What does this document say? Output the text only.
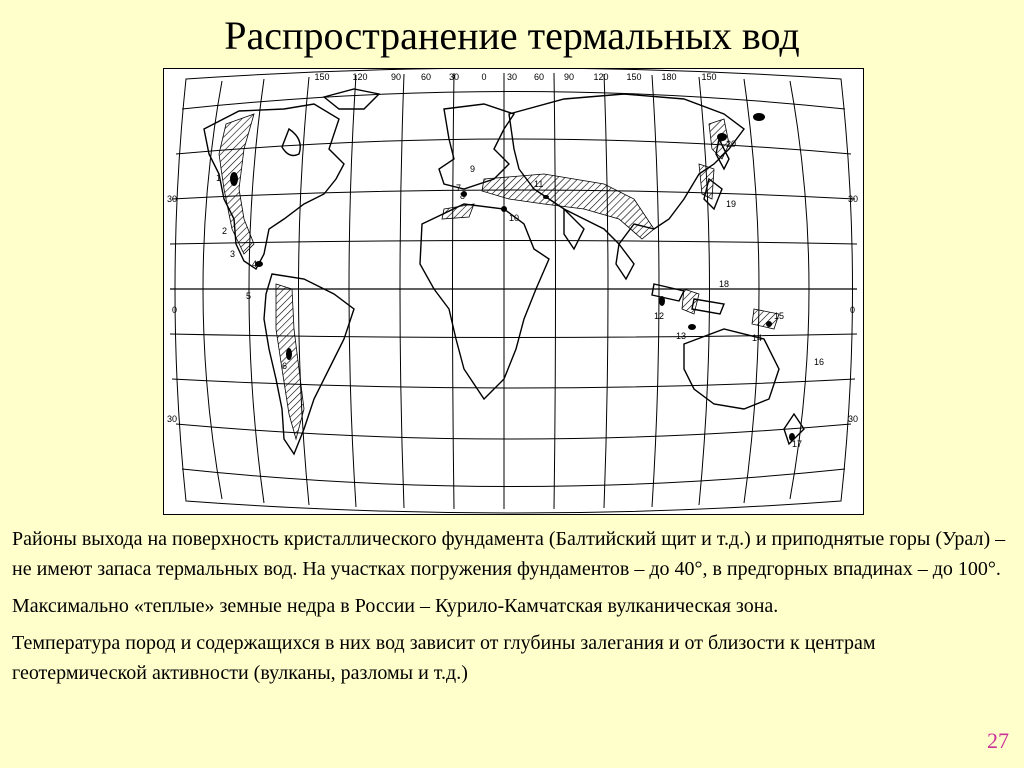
Распространение термальных вод
150	120	90 60 30 0 30 60 90 120 150 180	150
30
0
30
30
0
30
1
2
3
4
5
6
7
8
9
10
11
12
13	14
15
16
17
18
19
20

Районы выхода на поверхность кристаллического фундамента (Балтийский щит и т.д.) и приподнятые горы (Урал) – не имеют запаса термальных вод. На участках погружения фундаментов – до 40°, в предгорных впадинах – до 100°.

Максимально «теплые» земные недра в России – Курило-Камчатская вулканическая зона.

Температура пород и содержащихся в них вод зависит от глубины залегания и от близости к центрам геотермической активности (вулканы, разломы и т.д.)

27
